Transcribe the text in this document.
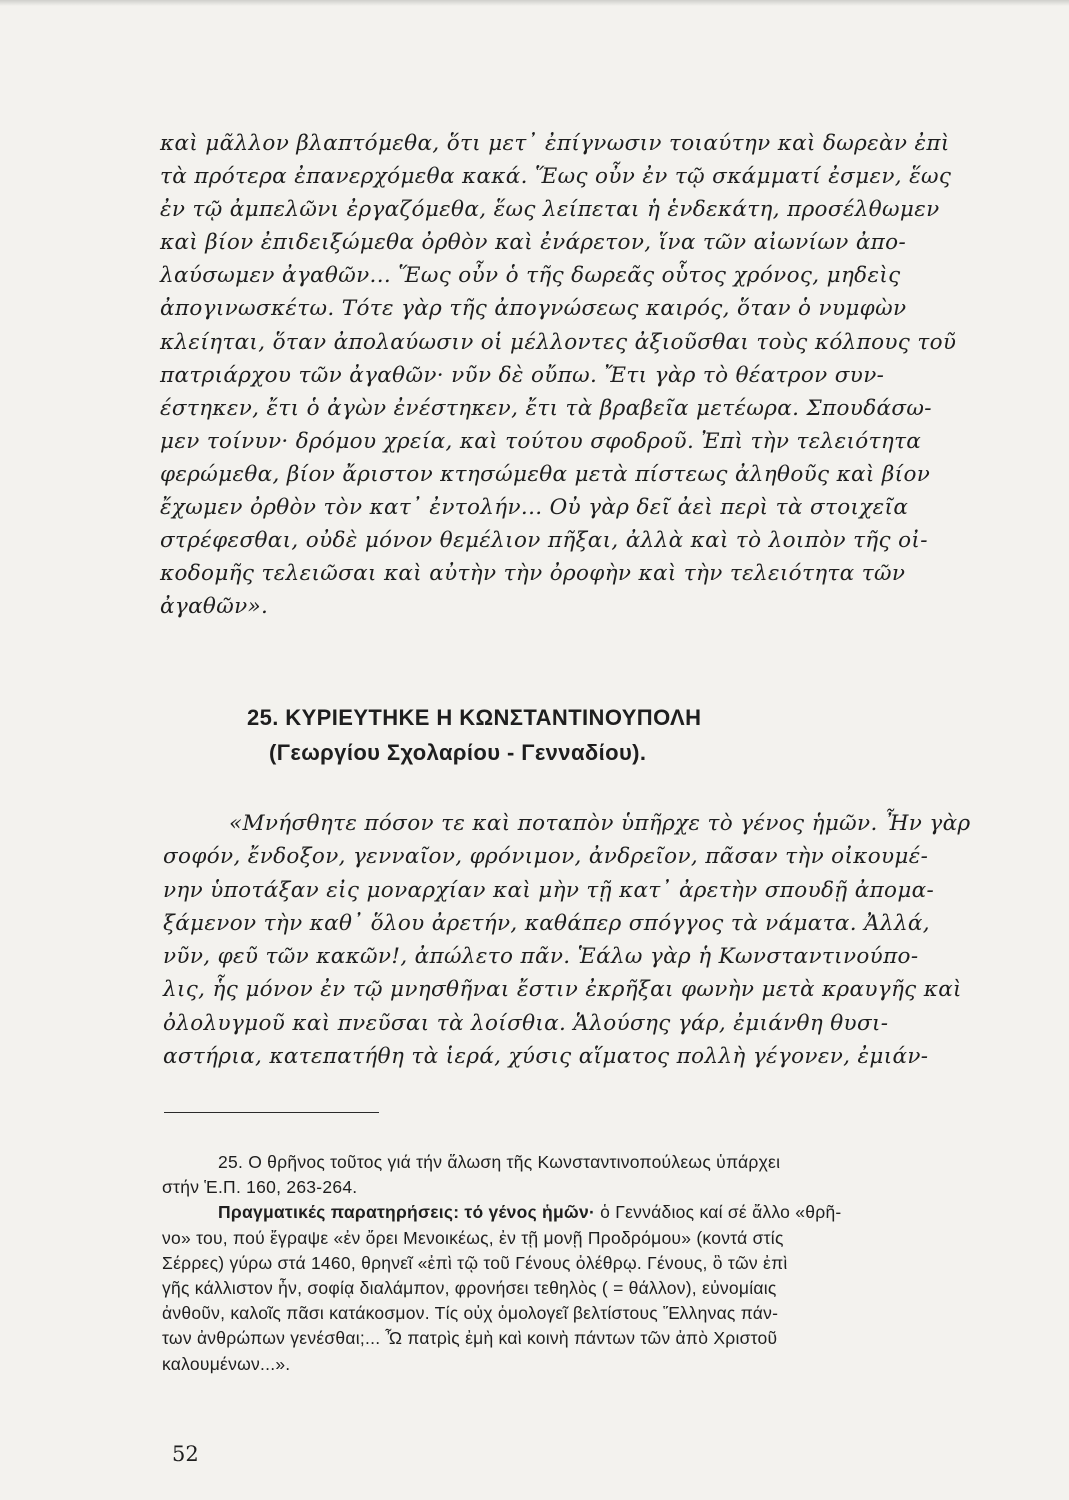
καὶ μᾶλλον βλαπτόμεθα, ὅτι μετ᾿ ἐπίγνωσιν τοιαύτην καὶ δωρεὰν ἐπὶ
τὰ πρότερα ἐπανερχόμεθα κακά. Ἕως οὖν ἐν τῷ σκάμματί ἐσμεν, ἕως
ἐν τῷ ἀμπελῶνι ἐργαζόμεθα, ἕως λείπεται ἡ ἑνδεκάτη, προσέλθωμεν
καὶ βίον ἐπιδειξώμεθα ὀρθὸν καὶ ἐνάρετον, ἵνα τῶν αἰωνίων ἀπο-
λαύσωμεν ἀγαθῶν... Ἕως οὖν ὁ τῆς δωρεᾶς οὗτος χρόνος, μηδεὶς
ἀπογινωσκέτω. Τότε γὰρ τῆς ἀπογνώσεως καιρός, ὅταν ὁ νυμφὼν
κλείηται, ὅταν ἀπολαύωσιν οἱ μέλλοντες ἀξιοῦσθαι τοὺς κόλπους τοῦ
πατριάρχου τῶν ἀγαθῶν· νῦν δὲ οὔπω. Ἔτι γὰρ τὸ θέατρον συν-
έστηκεν, ἔτι ὁ ἀγὼν ἐνέστηκεν, ἔτι τὰ βραβεῖα μετέωρα. Σπουδάσω-
μεν τοίνυν· δρόμου χρεία, καὶ τούτου σφοδροῦ. Ἐπὶ τὴν τελειότητα
φερώμεθα, βίον ἄριστον κτησώμεθα μετὰ πίστεως ἀληθοῦς καὶ βίον
ἔχωμεν ὀρθὸν τὸν κατ᾿ ἐντολήν... Οὐ γὰρ δεῖ ἀεὶ περὶ τὰ στοιχεῖα
στρέφεσθαι, οὐδὲ μόνον θεμέλιον πῆξαι, ἀλλὰ καὶ τὸ λοιπὸν τῆς οἰ-
κοδομῆς τελειῶσαι καὶ αὐτὴν τὴν ὀροφὴν καὶ τὴν τελειότητα τῶν
ἀγαθῶν».
25. ΚΥΡΙΕΥΤΗΚΕ Η ΚΩΝΣΤΑΝΤΙΝΟΥΠΟΛΗ
(Γεωργίου Σχολαρίου - Γενναδίου).
«Μνήσθητε πόσον τε καὶ ποταπὸν ὑπῆρχε τὸ γένος ἡμῶν. Ἦν γὰρ
σοφόν, ἔνδοξον, γενναῖον, φρόνιμον, ἀνδρεῖον, πᾶσαν τὴν οἰκουμέ-
νην ὑποτάξαν εἰς μοναρχίαν καὶ μὴν τῇ κατ᾿ ἀρετὴν σπουδῇ ἀπομα-
ξάμενον τὴν καθ᾿ ὅλου ἀρετήν, καθάπερ σπόγγος τὰ νάματα. Ἀλλά,
νῦν, φεῦ τῶν κακῶν!, ἀπώλετο πᾶν. Ἑάλω γὰρ ἡ Κωνσταντινούπο-
λις, ἧς μόνον ἐν τῷ μνησθῆναι ἔστιν ἐκρῆξαι φωνὴν μετὰ κραυγῆς καὶ
ὀλολυγμοῦ καὶ πνεῦσαι τὰ λοίσθια. Ἁλούσης γάρ, ἐμιάνθη θυσι-
αστήρια, κατεπατήθη τὰ ἱερά, χύσις αἵματος πολλὴ γέγονεν, ἐμιάν-
25. Ο θρῆνος τοῦτος γιά τήν ἅλωση τῆς Κωνσταντινοπούλεως ὑπάρχει
στήν Ἑ.Π. 160, 263-264.
Πραγματικές παρατηρήσεις: τό γένος ἡμῶν· ὁ Γεννάδιος καί σέ ἄλλο «θρῆ-
νο» του, πού ἔγραψε «ἐν ὄρει Μενοικέως, ἐν τῇ μονῇ Προδρόμου» (κοντά στίς
Σέρρες) γύρω στά 1460, θρηνεῖ «ἐπὶ τῷ τοῦ Γένους ὀλέθρῳ. Γένους, ὃ τῶν ἐπὶ
γῆς κάλλιστον ἦν, σοφίᾳ διαλάμπον, φρονήσει τεθηλὸς ( = θάλλον), εὐνομίαις
ἀνθοῦν, καλοῖς πᾶσι κατάκοσμον. Τίς οὐχ ὁμολογεῖ βελτίστους Ἕλληνας πάν-
των ἀνθρώπων γενέσθαι;... Ὦ πατρὶς ἐμὴ καὶ κοινὴ πάντων τῶν ἀπὸ Χριστοῦ
καλουμένων...».
52
